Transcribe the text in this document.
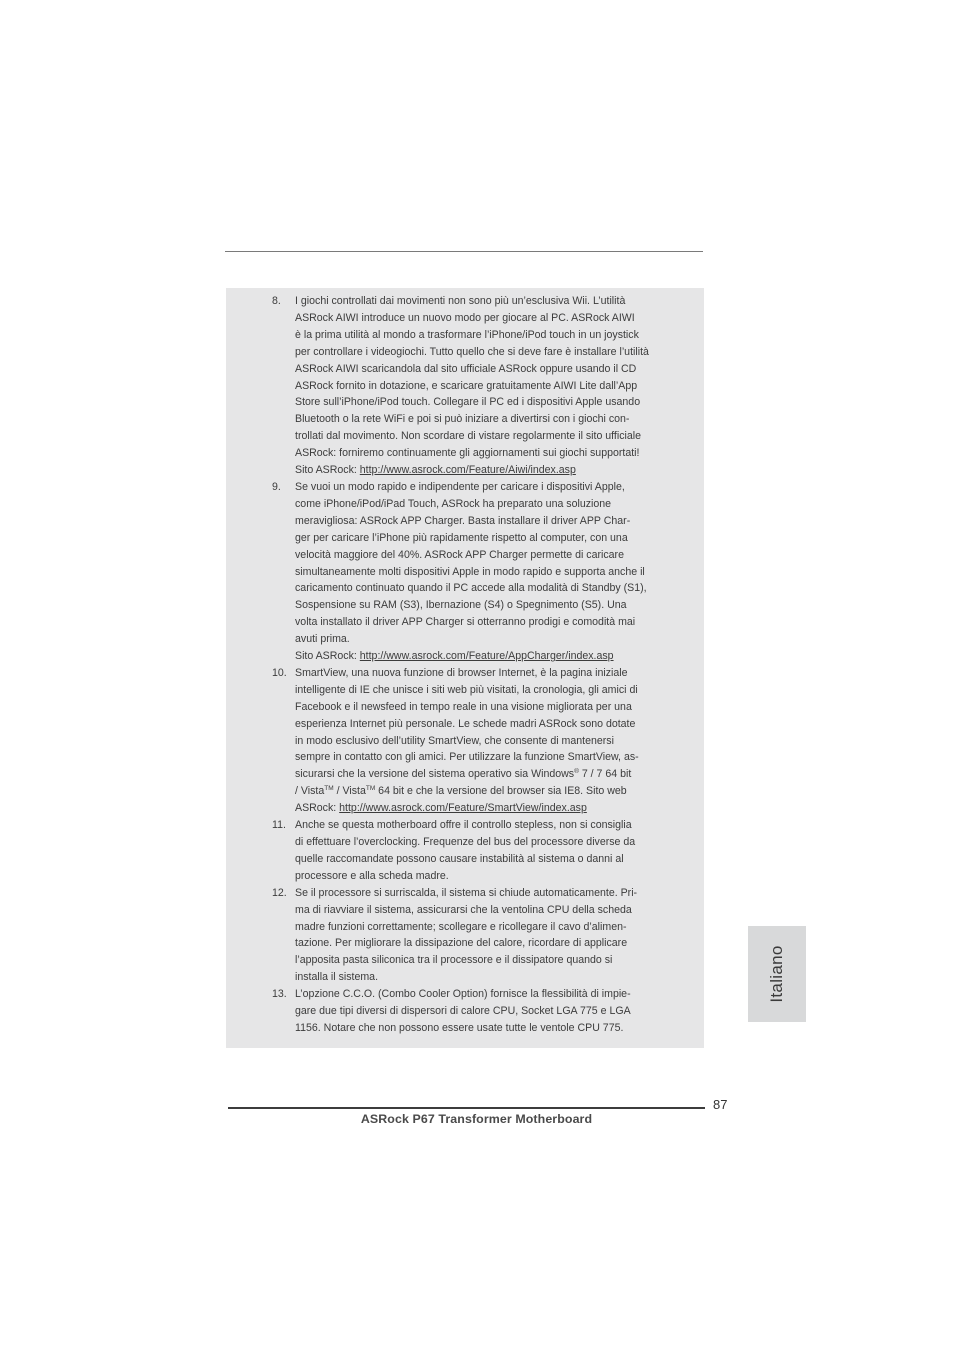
8.	I giochi controllati dai movimenti non sono più un’esclusiva Wii. L’utilità
ASRock AIWI introduce un nuovo modo per giocare al PC. ASRock AIWI
è la prima utilità al mondo a trasformare l’iPhone/iPod touch in un joystick
per controllare i videogiochi. Tutto quello che si deve fare è installare l’utilità
ASRock AIWI scaricandola dal sito ufficiale ASRock oppure usando il CD
ASRock fornito in dotazione, e scaricare gratuitamente AIWI Lite dall’App
Store sull’iPhone/iPod touch. Collegare il PC ed i dispositivi Apple usando
Bluetooth o la rete WiFi e poi si può iniziare a divertirsi con i giochi con-
trollati dal movimento. Non scordare di vistare regolarmente il sito ufficiale
ASRock: forniremo continuamente gli aggiornamenti sui giochi supportati!
Sito ASRock: http://www.asrock.com/Feature/Aiwi/index.asp
9.	Se vuoi un modo rapido e indipendente per caricare i dispositivi Apple,
come iPhone/iPod/iPad Touch, ASRock ha preparato una soluzione
meravigliosa: ASRock APP Charger. Basta installare il driver APP Char-
ger per caricare l’iPhone più rapidamente rispetto al computer, con una
velocità maggiore del 40%. ASRock APP Charger permette di caricare
simultaneamente molti dispositivi Apple in modo rapido e supporta anche il
caricamento continuato quando il PC accede alla modalità di Standby (S1),
Sospensione su RAM (S3), Ibernazione (S4) o Spegnimento (S5). Una
volta installato il driver APP Charger si otterranno prodigi e comodità mai
avuti prima.
Sito ASRock: http://www.asrock.com/Feature/AppCharger/index.asp
10. SmartView, una nuova funzione di browser Internet, è la pagina iniziale
intelligente di IE che unisce i siti web più visitati, la cronologia, gli amici di
Facebook e il newsfeed in tempo reale in una visione migliorata per una
esperienza Internet più personale. Le schede madri ASRock sono dotate
in modo esclusivo dell’utility SmartView, che consente di mantenersi
sempre in contatto con gli amici. Per utilizzare la funzione SmartView, as-
sicurarsi che la versione del sistema operativo sia Windows® 7 / 7 64 bit
/ Vista™ / Vista™ 64 bit e che la versione del browser sia IE8. Sito web
ASRock: http://www.asrock.com/Feature/SmartView/index.asp
11. Anche se questa motherboard offre il controllo stepless, non si consiglia
di effettuare l’overclocking. Frequenze del bus del processore diverse da
quelle raccomandate possono causare instabilità al sistema o danni al
processore e alla scheda madre.
12. Se il processore si surriscalda, il sistema si chiude automaticamente. Pri-
ma di riavviare il sistema, assicurarsi che la ventolina CPU della scheda
madre funzioni correttamente; scollegare e ricollegare il cavo d’alimen-
tazione. Per migliorare la dissipazione del calore, ricordare di applicare
l’apposita pasta siliconica tra il processore e il dissipatore quando si
installa il sistema.
13. L’opzione C.C.O. (Combo Cooler Option) fornisce la flessibilità di impie-
gare due tipi diversi di dispersori di calore CPU, Socket LGA 775 e LGA
1156. Notare che non possono essere usate tutte le ventole CPU 775.
Italiano
87
ASRock P67 Transformer Motherboard
